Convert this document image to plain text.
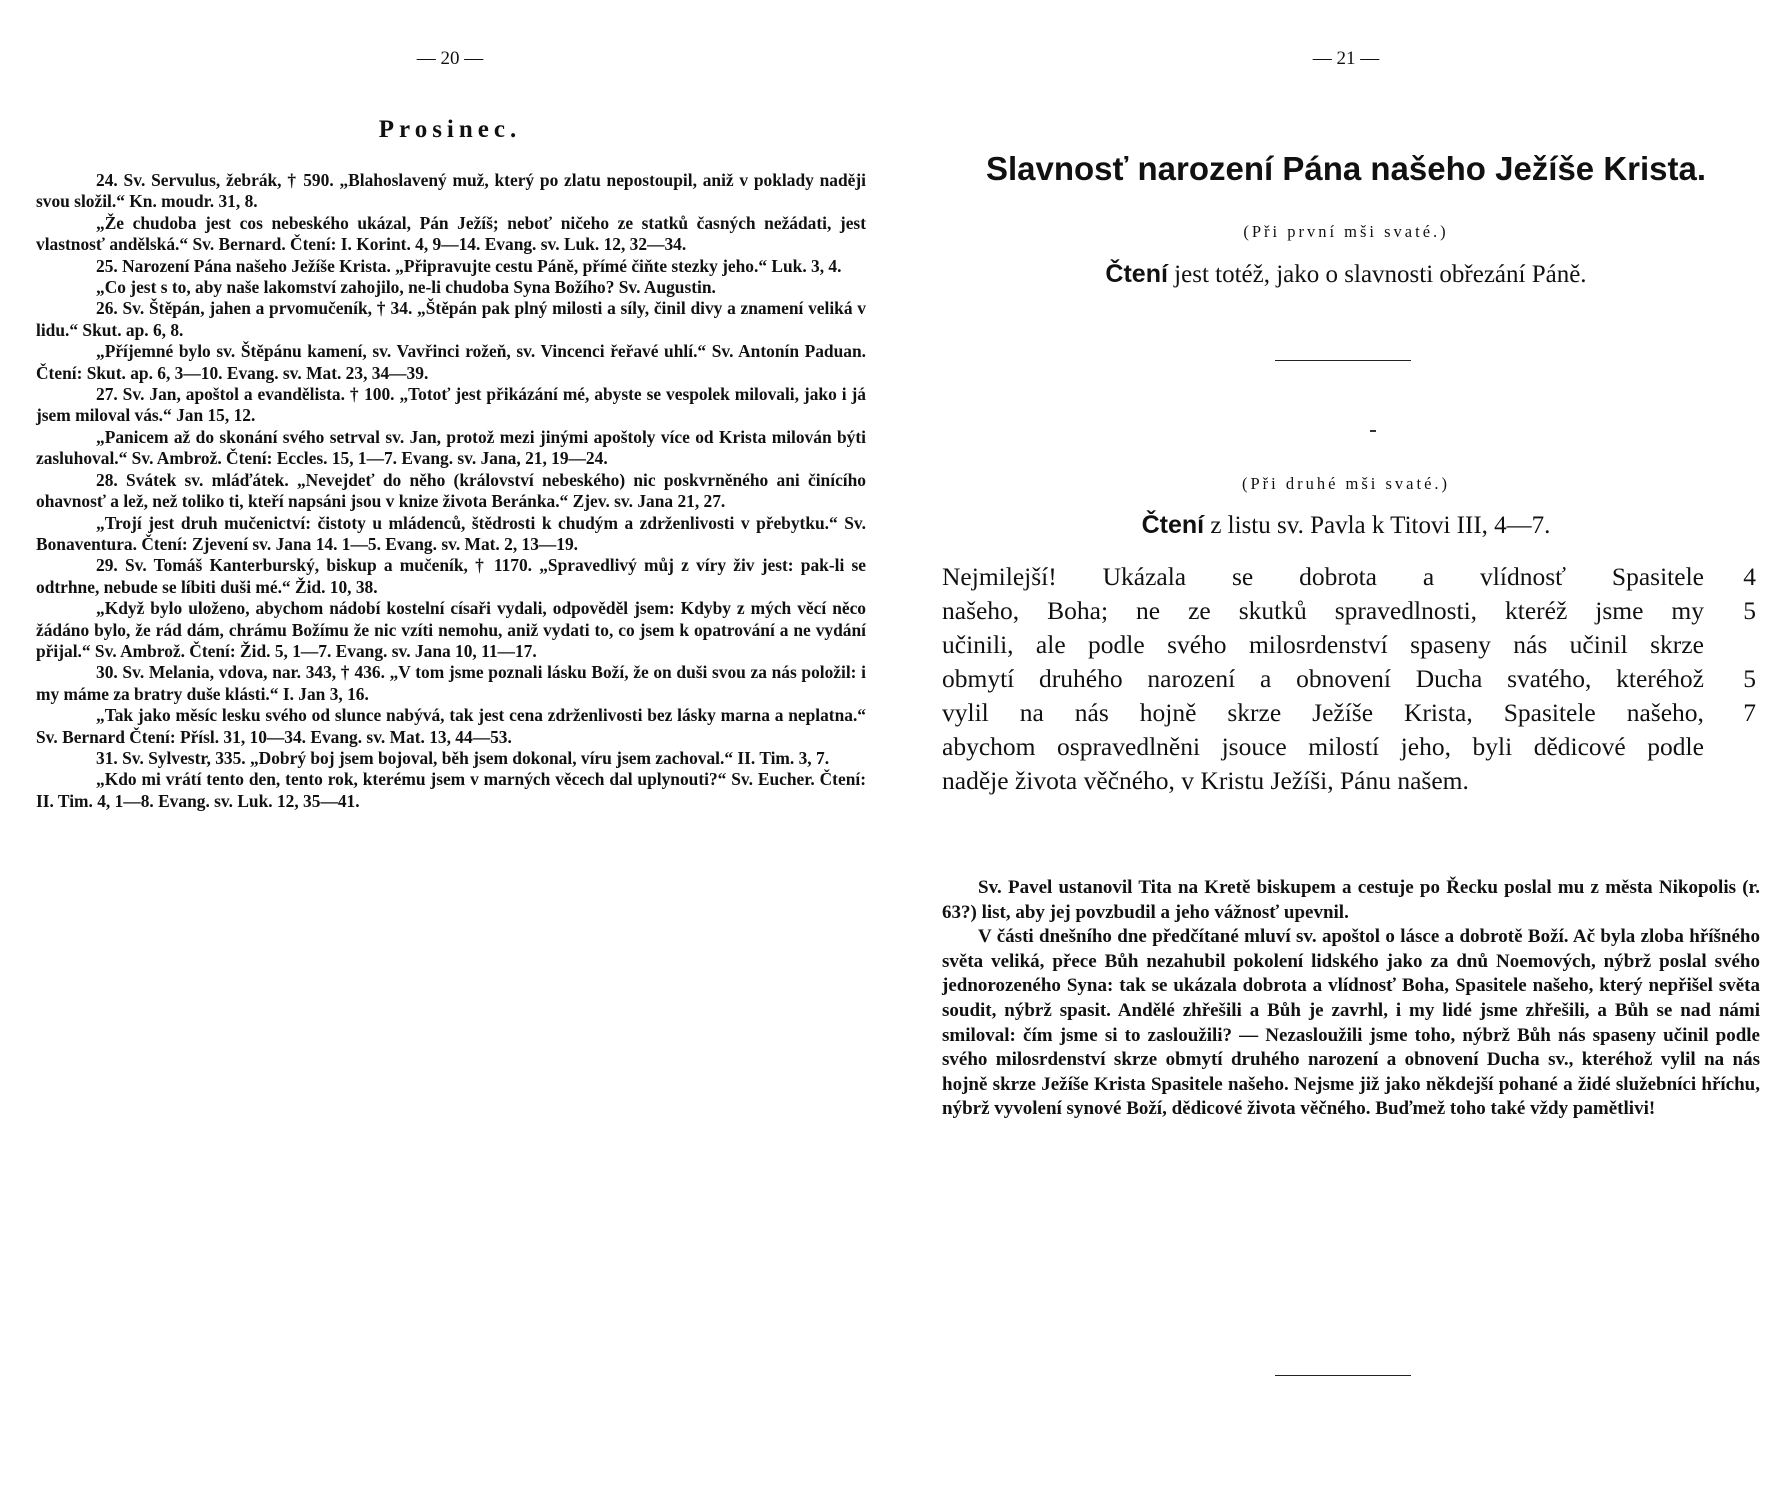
— 20 —
Prosinec.

24. Sv. Servulus, žebrák, † 590. „Blahoslavený muž, který po zlatu nepostoupil, aniž v poklady naději svou složil.“ Kn. moudr. 31, 8.

„Že chudoba jest cos nebeského ukázal, Pán Ježíš; neboť ničeho ze statků časných nežádati, jest vlastnosť andělská.“ Sv. Bernard. Čtení: I. Korint. 4, 9—14. Evang. sv. Luk. 12, 32—34.

25. Narození Pána našeho Ježíše Krista. „Připravujte cestu Páně, přímé čiňte stezky jeho.“ Luk. 3, 4.

„Co jest s to, aby naše lakomství zahojilo, ne-li chudoba Syna Božího? Sv. Augustin.

26. Sv. Štěpán, jahen a prvomučeník, † 34. „Štěpán pak plný milosti a síly, činil divy a znamení veliká v lidu.“ Skut. ap. 6, 8.

„Příjemné bylo sv. Štěpánu kamení, sv. Vavřinci rožeň, sv. Vincenci řeřavé uhlí.“ Sv. Antonín Paduan. Čtení: Skut. ap. 6, 3—10. Evang. sv. Mat. 23, 34—39.

27. Sv. Jan, apoštol a evandělista. † 100. „Totoť jest přikázání mé, abyste se vespolek milovali, jako i já jsem miloval vás.“ Jan 15, 12.

„Panicem až do skonání svého setrval sv. Jan, protož mezi jinými apoštoly více od Krista milován býti zasluhoval.“ Sv. Ambrož. Čtení: Eccles. 15, 1—7. Evang. sv. Jana, 21, 19—24.

28. Svátek sv. mláďátek. „Nevejdeť do něho (království nebeského) nic poskvrněného ani činícího ohavnosť a lež, než toliko ti, kteří napsáni jsou v knize života Beránka.“ Zjev. sv. Jana 21, 27.

„Trojí jest druh mučenictví: čistoty u mládenců, štědrosti k chudým a zdrženlivosti v přebytku.“ Sv. Bonaventura. Čtení: Zjevení sv. Jana 14. 1—5. Evang. sv. Mat. 2, 13—19.

29. Sv. Tomáš Kanterburský, biskup a mučeník, † 1170. „Spravedlivý můj z víry živ jest: pak-li se odtrhne, nebude se líbiti duši mé.“ Žid. 10, 38.

„Když bylo uloženo, abychom nádobí kostelní císaři vydali, odpověděl jsem: Kdyby z mých věcí něco žádáno bylo, že rád dám, chrámu Božímu že nic vzíti nemohu, aniž vydati to, co jsem k opatrování a ne vydání přijal.“ Sv. Ambrož. Čtení: Žid. 5, 1—7. Evang. sv. Jana 10, 11—17.

30. Sv. Melania, vdova, nar. 343, † 436. „V tom jsme poznali lásku Boží, že on duši svou za nás položil: i my máme za bratry duše klásti.“ I. Jan 3, 16.

„Tak jako měsíc lesku svého od slunce nabývá, tak jest cena zdrženlivosti bez lásky marna a neplatna.“ Sv. Bernard Čtení: Přísl. 31, 10—34. Evang. sv. Mat. 13, 44—53.

31. Sv. Sylvestr, 335. „Dobrý boj jsem bojoval, běh jsem dokonal, víru jsem zachoval.“ II. Tim. 3, 7.

„Kdo mi vrátí tento den, tento rok, kterému jsem v marných věcech dal uplynouti?“ Sv. Eucher. Čtení: II. Tim. 4, 1—8. Evang. sv. Luk. 12, 35—41.

— 21 —
Slavnosť narození Pána našeho Ježíše Krista.
(Při první mši svaté.)
Čtení jest totéž, jako o slavnosti obřezání Páně.
(Při druhé mši svaté.)
Čtení z listu sv. Pavla k Titovi III, 4—7.
Nejmilejší! Ukázala se dobrota a vlídnosť Spasitele
našeho, Boha; ne ze skutků spravedlnosti, kteréž jsme my
učinili, ale podle svého milosrdenství spaseny nás učinil skrze
obmytí druhého narození a obnovení Ducha svatého, kteréhož
vylil na nás hojně skrze Ježíše Krista, Spasitele našeho,
abychom ospravedlněni jsouce milostí jeho, byli dědicové podle
naděje života věčného, v Kristu Ježíši, Pánu našem.
4
5

5
7

Sv. Pavel ustanovil Tita na Kretě biskupem a cestuje po Řecku poslal mu z města Nikopolis (r. 63?) list, aby jej povzbudil a jeho vážnosť upevnil.

V části dnešního dne předčítané mluví sv. apoštol o lásce a dobrotě Boží. Ač byla zloba hříšného světa veliká, přece Bůh nezahubil pokolení lidského jako za dnů Noemových, nýbrž poslal svého jednorozeného Syna: tak se ukázala dobrota a vlídnosť Boha, Spasitele našeho, který nepřišel světa soudit, nýbrž spasit. Andělé zhřešili a Bůh je zavrhl, i my lidé jsme zhřešili, a Bůh se nad námi smiloval: čím jsme si to zasloužili? — Nezasloužili jsme toho, nýbrž Bůh nás spaseny učinil podle svého milosrdenství skrze obmytí druhého narození a obnovení Ducha sv., kteréhož vylil na nás hojně skrze Ježíše Krista Spasitele našeho. Nejsme již jako někdejší pohané a židé služebníci hříchu, nýbrž vyvolení synové Boží, dědicové života věčného. Buďmež toho také vždy pamětlivi!
